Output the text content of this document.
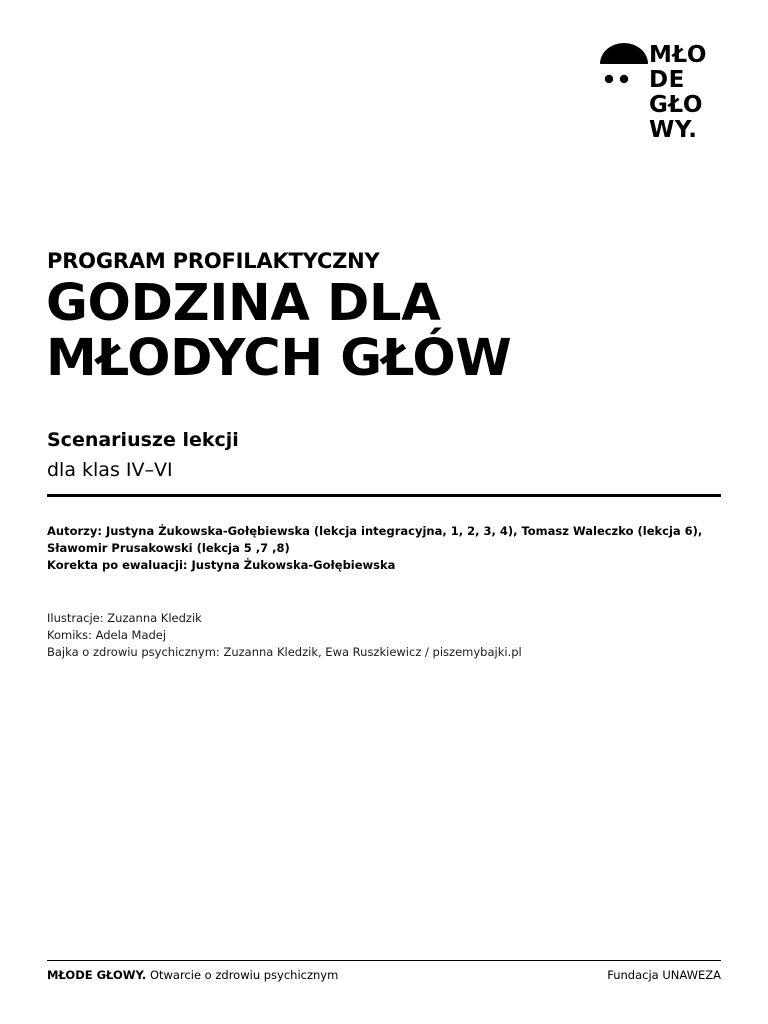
MŁO
DE
GŁO
WY.
PROGRAM PROFILAKTYCZNY
GODZINA DLA
MŁODYCH GŁÓW
Scenariusze lekcji
dla klas IV–VI
Autorzy: Justyna Żukowska-Gołębiewska (lekcja integracyjna, 1, 2, 3, 4), Tomasz Waleczko (lekcja 6),
Sławomir Prusakowski (lekcja 5 ,7 ,8)
Korekta po ewaluacji: Justyna Żukowska-Gołębiewska
Ilustracje: Zuzanna Kledzik
Komiks: Adela Madej
Bajka o zdrowiu psychicznym: Zuzanna Kledzik, Ewa Ruszkiewicz / piszemybajki.pl
MŁODE GŁOWY. Otwarcie o zdrowiu psychicznym	Fundacja UNAWEZA
